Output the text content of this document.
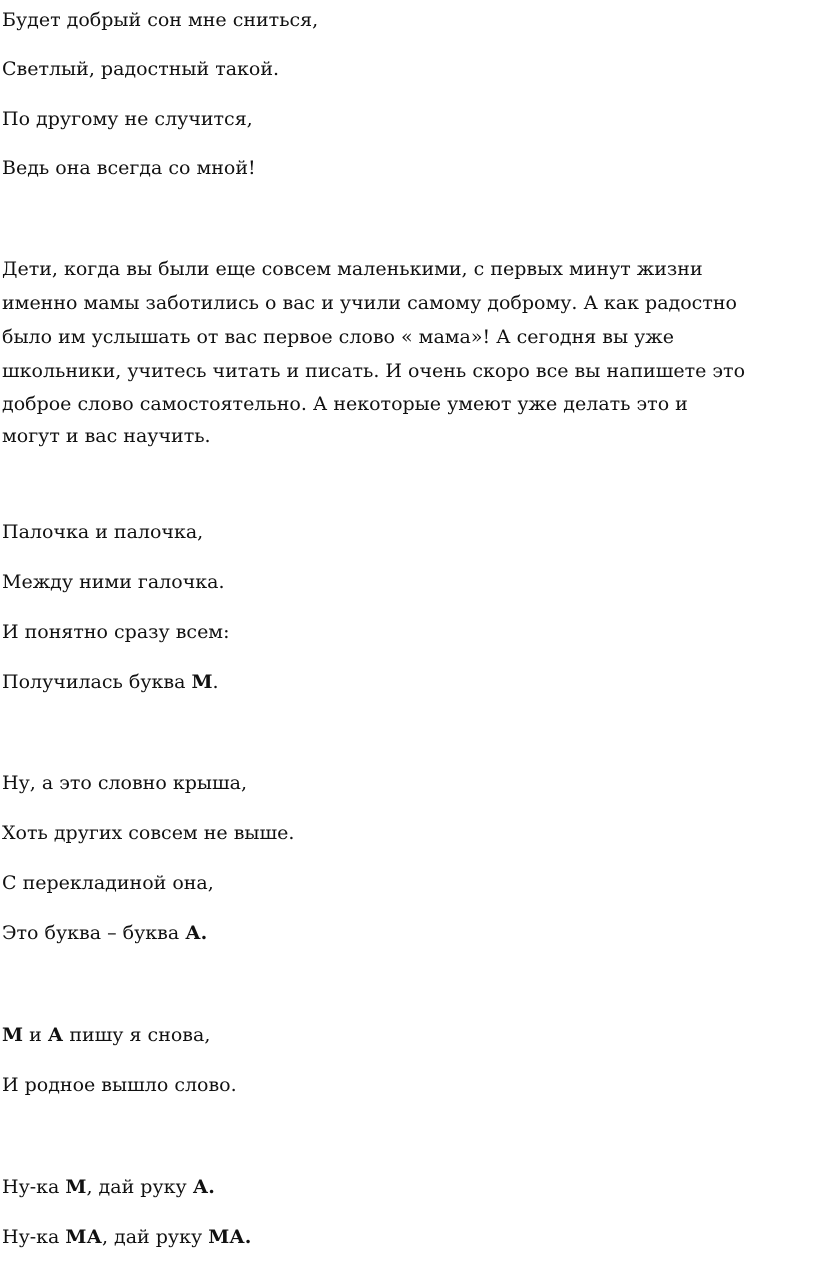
Будет добрый сон мне сниться,
Светлый, радостный такой.
По другому не случится,
Ведь она всегда со мной!
Дети, когда вы были еще совсем маленькими, с первых минут жизни
именно мамы заботились о вас и учили самому доброму. А как радостно
было им услышать от вас первое слово « мама»! А сегодня вы уже
школьники, учитесь читать и писать. И очень скоро все вы напишете это
доброе слово самостоятельно. А некоторые умеют уже делать это и
могут и вас научить.
Палочка и палочка,
Между ними галочка.
И понятно сразу всем:
Получилась буква М.
Ну, а это словно крыша,
Хоть других совсем не выше.
С перекладиной она,
Это буква – буква А.
М и А пишу я снова,
И родное вышло слово.
Ну-ка М, дай руку А.
Ну-ка МА, дай руку МА.
